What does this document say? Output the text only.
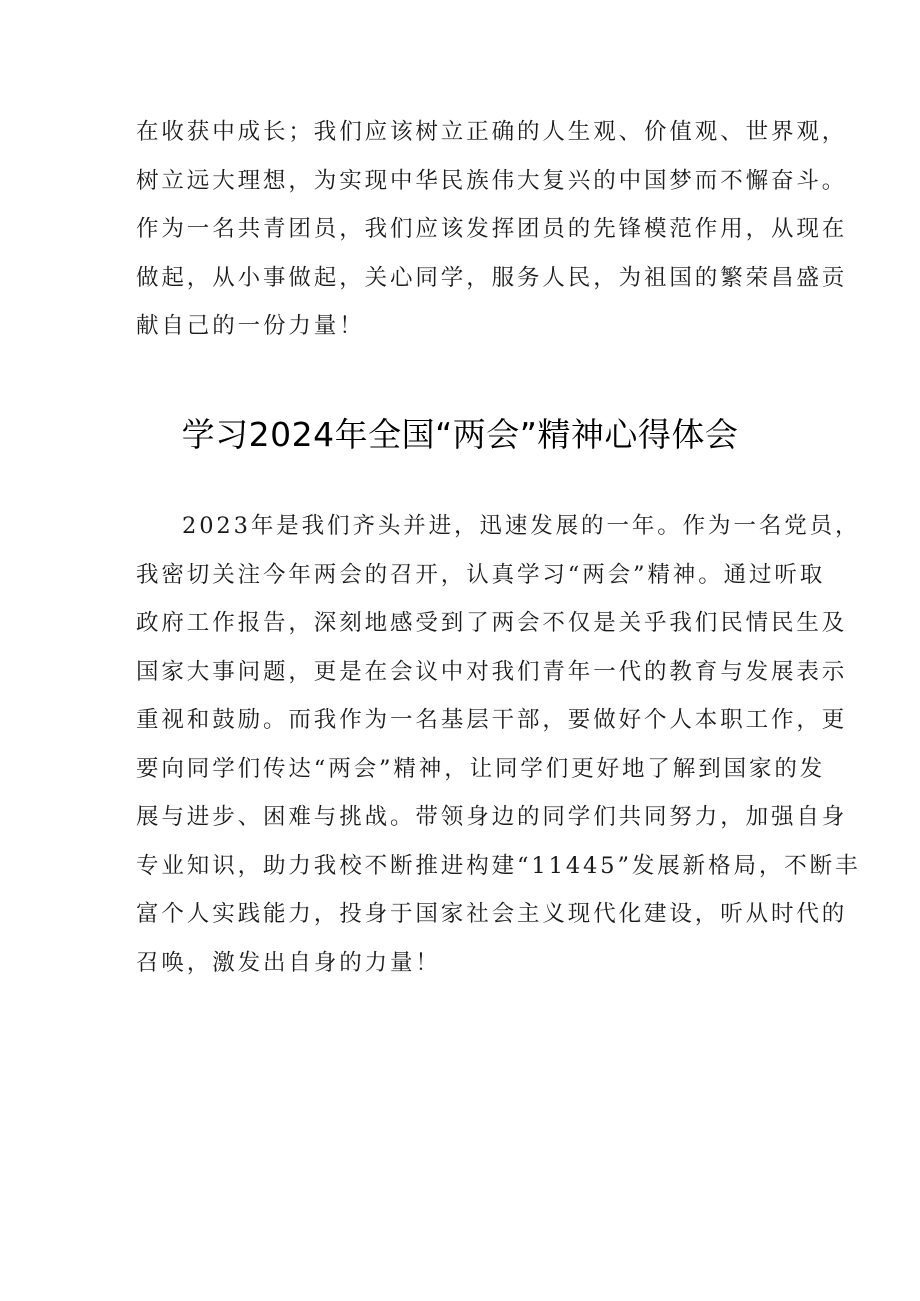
在收获中成长；我们应该树立正确的人生观、价值观、世界观，
树立远大理想，为实现中华民族伟大复兴的中国梦而不懈奋斗。
作为一名共青团员，我们应该发挥团员的先锋模范作用，从现在
做起，从小事做起，关心同学，服务人民，为祖国的繁荣昌盛贡
献自己的一份力量！
学习2024年全国“两会”精神心得体会
2023年是我们齐头并进，迅速发展的一年。作为一名党员，
我密切关注今年两会的召开，认真学习“两会”精神。通过听取
政府工作报告，深刻地感受到了两会不仅是关乎我们民情民生及
国家大事问题，更是在会议中对我们青年一代的教育与发展表示
重视和鼓励。而我作为一名基层干部，要做好个人本职工作，更
要向同学们传达“两会”精神，让同学们更好地了解到国家的发
展与进步、困难与挑战。带领身边的同学们共同努力，加强自身
专业知识，助力我校不断推进构建“11445”发展新格局，不断丰
富个人实践能力，投身于国家社会主义现代化建设，听从时代的
召唤，激发出自身的力量！
